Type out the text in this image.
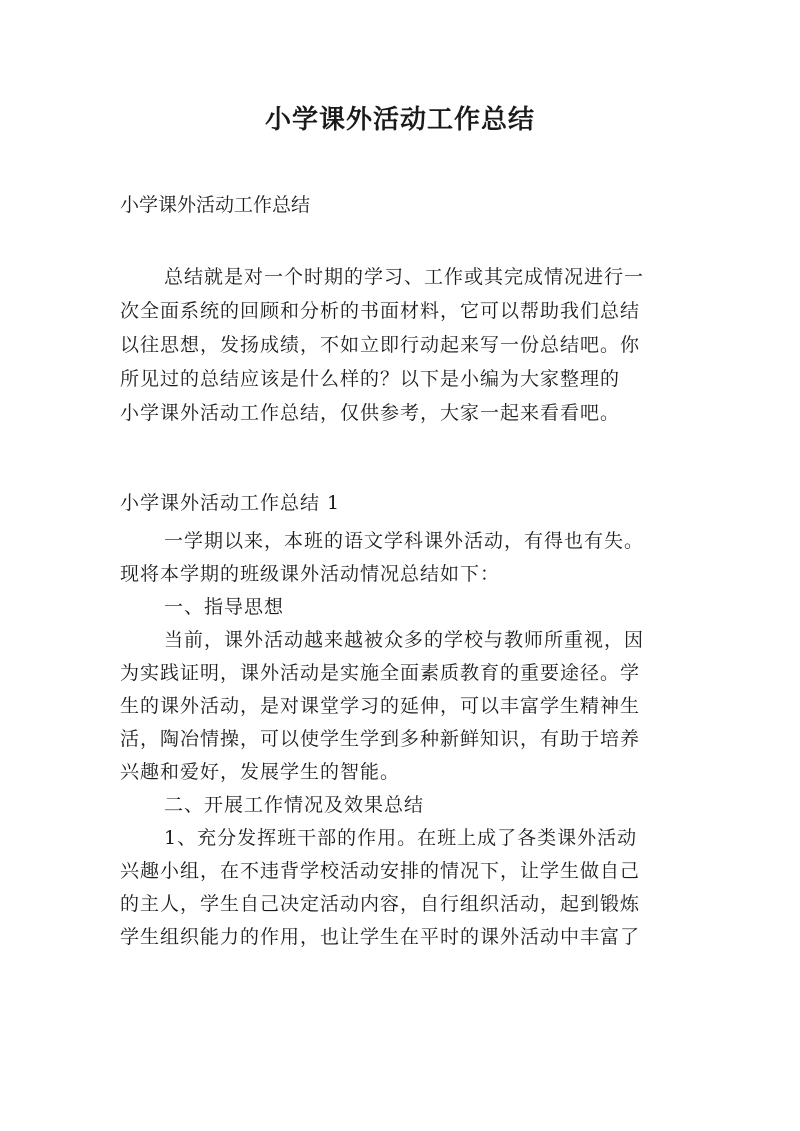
小学课外活动工作总结
小学课外活动工作总结
总结就是对一个时期的学习、工作或其完成情况进行一
次全面系统的回顾和分析的书面材料，它可以帮助我们总结
以往思想，发扬成绩，不如立即行动起来写一份总结吧。你
所见过的总结应该是什么样的？以下是小编为大家整理的
小学课外活动工作总结，仅供参考，大家一起来看看吧。
小学课外活动工作总结 1
一学期以来，本班的语文学科课外活动，有得也有失。
现将本学期的班级课外活动情况总结如下：
一、指导思想
当前，课外活动越来越被众多的学校与教师所重视，因
为实践证明，课外活动是实施全面素质教育的重要途径。学
生的课外活动，是对课堂学习的延伸，可以丰富学生精神生
活，陶冶情操，可以使学生学到多种新鲜知识，有助于培养
兴趣和爱好，发展学生的智能。
二、开展工作情况及效果总结
1、充分发挥班干部的作用。在班上成了各类课外活动
兴趣小组，在不违背学校活动安排的情况下，让学生做自己
的主人，学生自己决定活动内容，自行组织活动，起到锻炼
学生组织能力的作用，也让学生在平时的课外活动中丰富了
